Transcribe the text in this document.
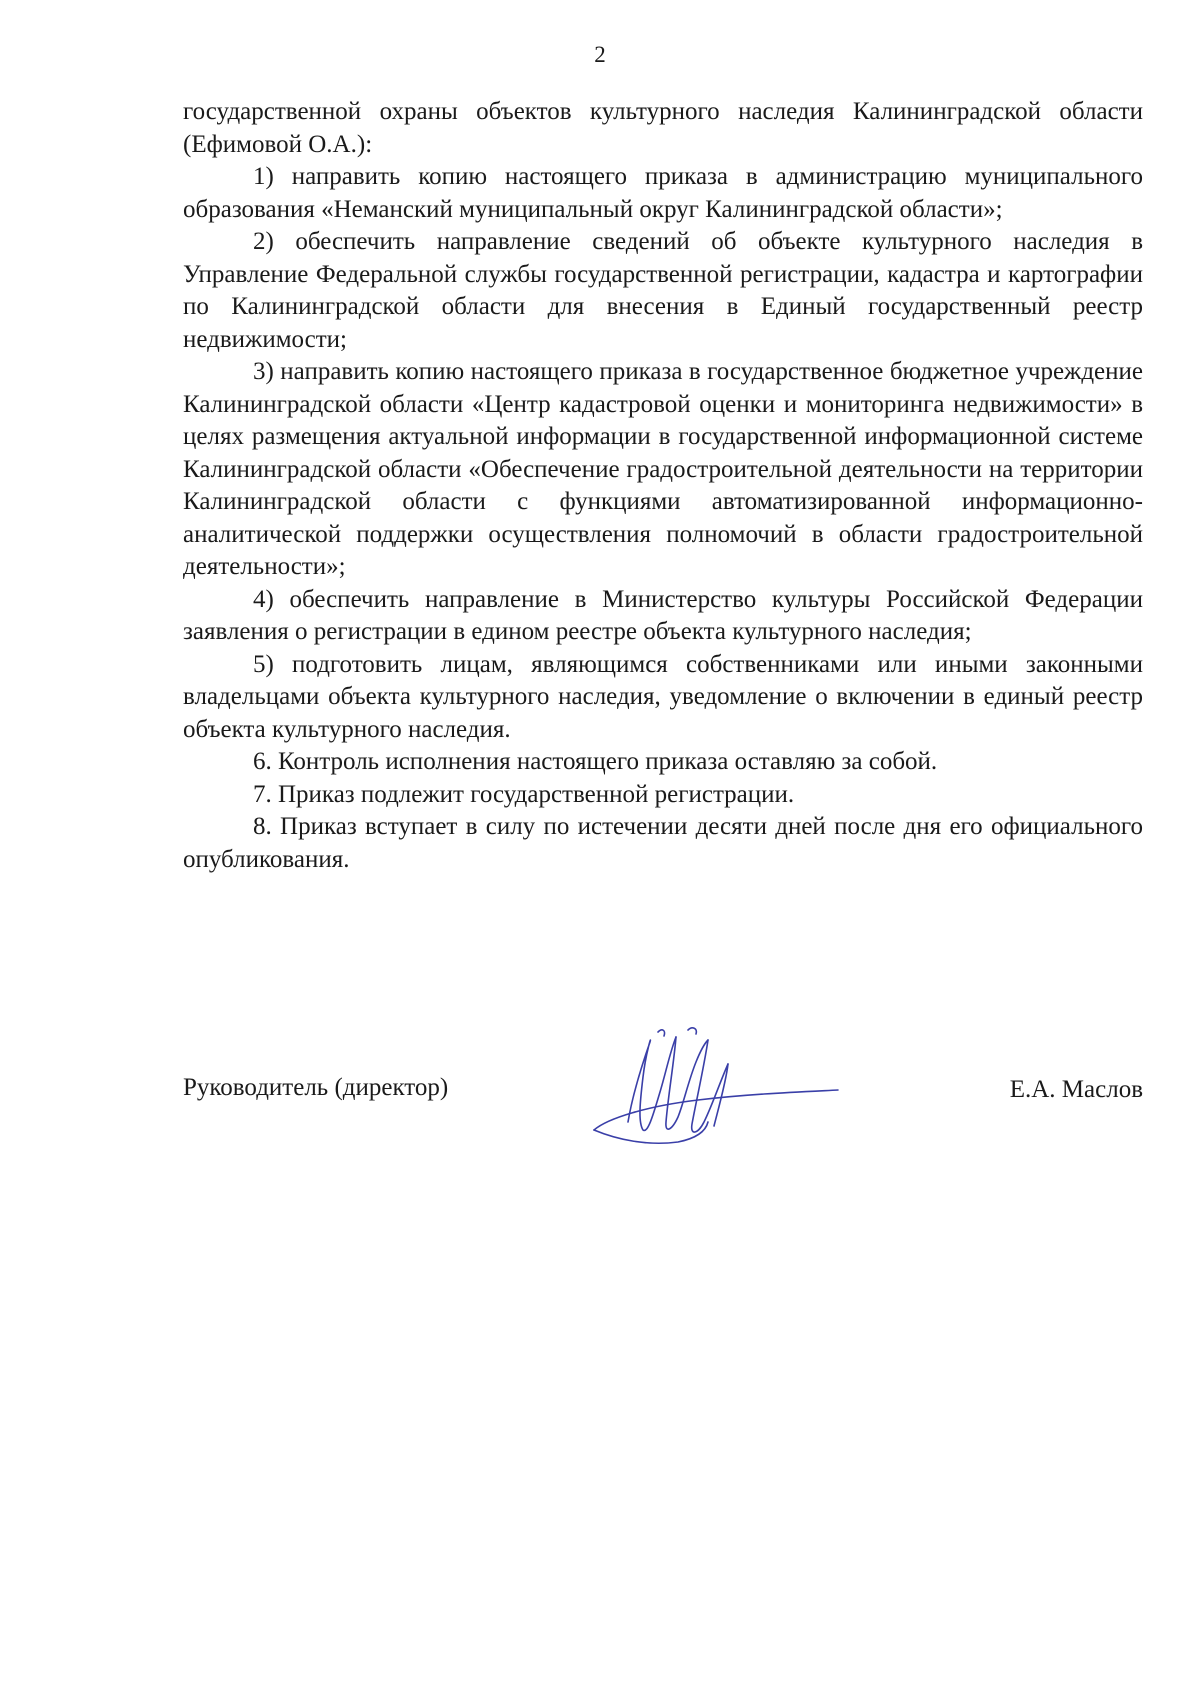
2

государственной охраны объектов культурного наследия Калининградской области (Ефимовой О.А.):

1) направить копию настоящего приказа в администрацию муниципального образования «Неманский муниципальный округ Калининградской области»;

2) обеспечить направление сведений об объекте культурного наследия в Управление Федеральной службы государственной регистрации, кадастра и картографии по Калининградской области для внесения в Единый государственный реестр недвижимости;

3) направить копию настоящего приказа в государственное бюджетное учреждение Калининградской области «Центр кадастровой оценки и мониторинга недвижимости» в целях размещения актуальной информации в государственной информационной системе Калининградской области «Обеспечение градостроительной деятельности на территории Калининградской области с функциями автоматизированной информационно-аналитической поддержки осуществления полномочий в области градостроительной деятельности»;

4) обеспечить направление в Министерство культуры Российской Федерации заявления о регистрации в едином реестре объекта культурного наследия;

5) подготовить лицам, являющимся собственниками или иными законными владельцами объекта культурного наследия, уведомление о включении в единый реестр объекта культурного наследия.

6. Контроль исполнения настоящего приказа оставляю за собой.

7. Приказ подлежит государственной регистрации.

8. Приказ вступает в силу по истечении десяти дней после дня его официального опубликования.

Руководитель (директор)	Е.А. Маслов
